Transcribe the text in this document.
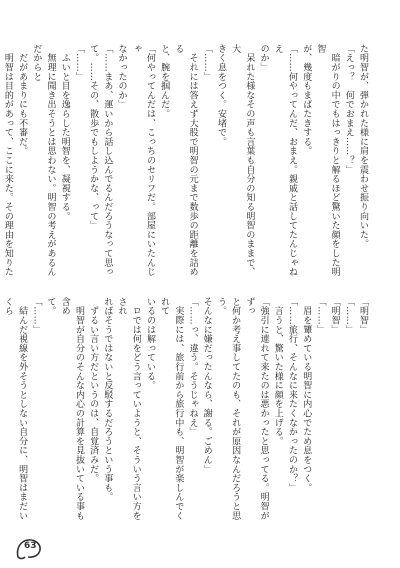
た明智が、弾かれた様に肩を震わせ振り向いた。
「えっ？　何でおまえ……？」
　暗がりの中でもはっきりと解るほど驚いた顔をした明智
が、幾度もまばたきする。
「……何やってんだ、おまえ。親戚と話してたんじゃねえ
のか」
　呆れた様なその声も言葉も自分の知る明智のままで、大
きく息をつく。安堵で。
「……」
　それには答えず大股で明智の元まで数歩の距離を詰める
と、腕を掴んだ。
「何やってんだは、こっちのセリフだ。部屋にいたんじゃ
なかったのか」
「……まあ、運いから話し込んでるんだろうなって思っ
て。……その、散歩でもしようかな、って」
「……」
　ふいと目を逸らした明智を、凝視する。
　無理に聞き出そうとは思わない。明智の考えがあるんだからと
　だがあまりにも不審だ。
　明智は目的があって、ここに来た。その理由を知りた
「明智」
「……」
「明智」
「……」
　眉を顰めている明智に内心でため息をつく。
「……旅行、そんなに来たくなかったのか？」
　言うと、驚いた様に顔を上げる。
「強引に連れて来たのは悪かったと思ってる。明智がずっ
と何か考え事してたのも、それが原因なんだろうと思う。
そんなに嫌だったんなら、謝る。ごめん」
「……っ、違う。そうじゃねえ」
　実際には、旅行前から旅行中も、明智が楽しんでくれて
いるのは解っている。
　ロでは何をどう言っていようと、そういう言い方をされ
ればそうではないと反駁するだろうという事も。
　ずるい言い方だというのは、自覚済みだ。
　明智が自分のそんな内心の計算を見抜いている事も含め
て。
「……」
　結んだ視線を外そうとしない自分に、明智はまだいくら
63
